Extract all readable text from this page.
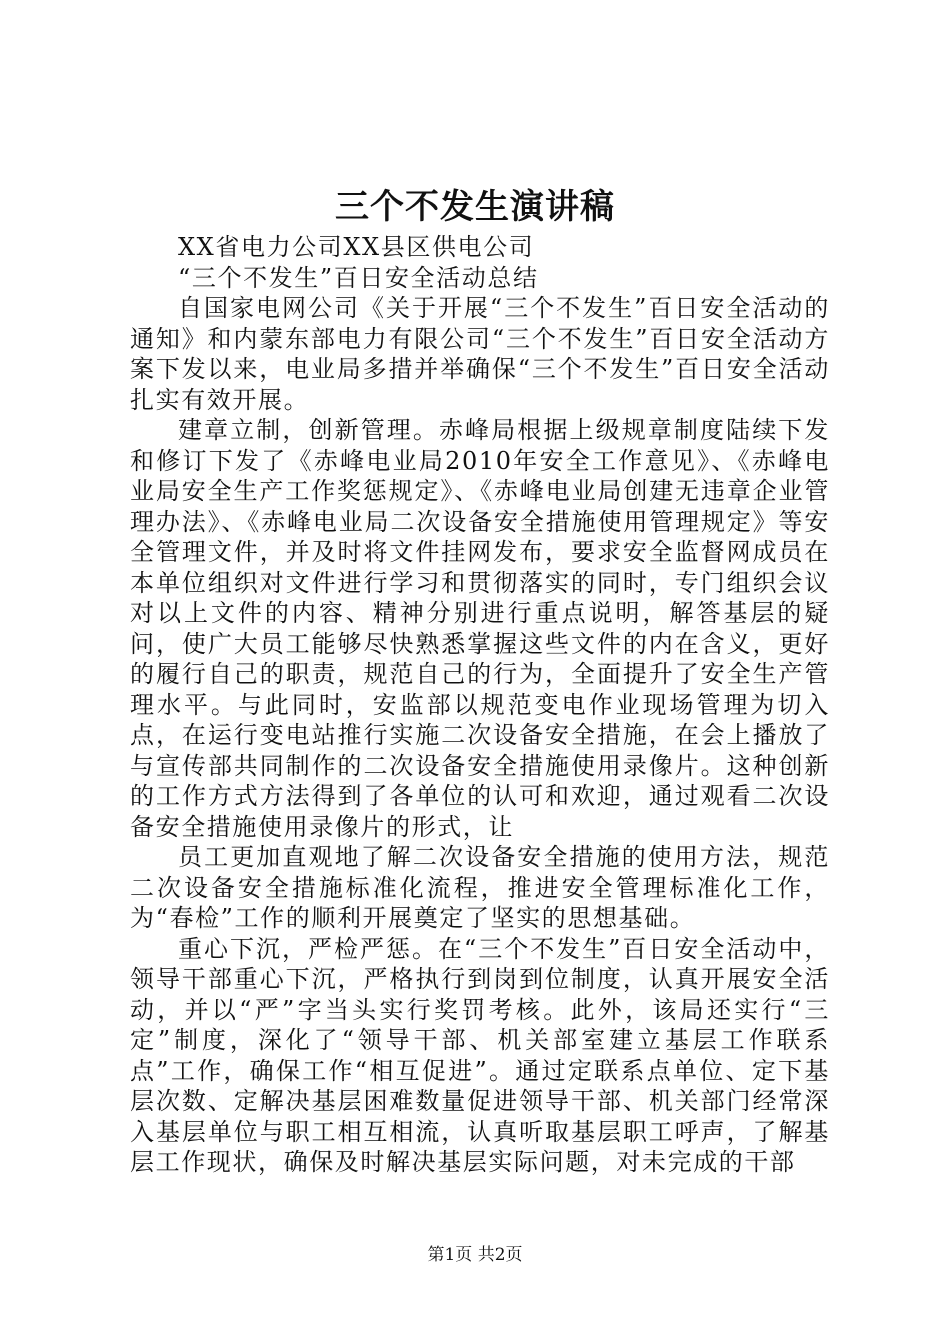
三个不发生演讲稿

XX省电力公司XX县区供电公司

“三个不发生”百日安全活动总结

自国家电网公司《关于开展“三个不发生”百日安全活动的通知》和内蒙东部电力有限公司“三个不发生”百日安全活动方案下发以来，电业局多措并举确保“三个不发生”百日安全活动扎实有效开展。

建章立制，创新管理。赤峰局根据上级规章制度陆续下发和修订下发了《赤峰电业局2010年安全工作意见》、《赤峰电业局安全生产工作奖惩规定》、《赤峰电业局创建无违章企业管理办法》、《赤峰电业局二次设备安全措施使用管理规定》等安全管理文件，并及时将文件挂网发布，要求安全监督网成员在本单位组织对文件进行学习和贯彻落实的同时，专门组织会议对以上文件的内容、精神分别进行重点说明，解答基层的疑问，使广大员工能够尽快熟悉掌握这些文件的内在含义，更好的履行自己的职责，规范自己的行为，全面提升了安全生产管理水平。与此同时，安监部以规范变电作业现场管理为切入点，在运行变电站推行实施二次设备安全措施，在会上播放了与宣传部共同制作的二次设备安全措施使用录像片。这种创新的工作方式方法得到了各单位的认可和欢迎，通过观看二次设备安全措施使用录像片的形式，让

员工更加直观地了解二次设备安全措施的使用方法，规范二次设备安全措施标准化流程，推进安全管理标准化工作，为“春检”工作的顺利开展奠定了坚实的思想基础。

重心下沉，严检严惩。在“三个不发生”百日安全活动中，领导干部重心下沉，严格执行到岗到位制度，认真开展安全活动，并以“严”字当头实行奖罚考核。此外，该局还实行“三定”制度，深化了“领导干部、机关部室建立基层工作联系点”工作，确保工作“相互促进”。通过定联系点单位、定下基层次数、定解决基层困难数量促进领导干部、机关部门经常深入基层单位与职工相互相流，认真听取基层职工呼声，了解基层工作现状，确保及时解决基层实际问题，对未完成的干部

第1页 共2页
